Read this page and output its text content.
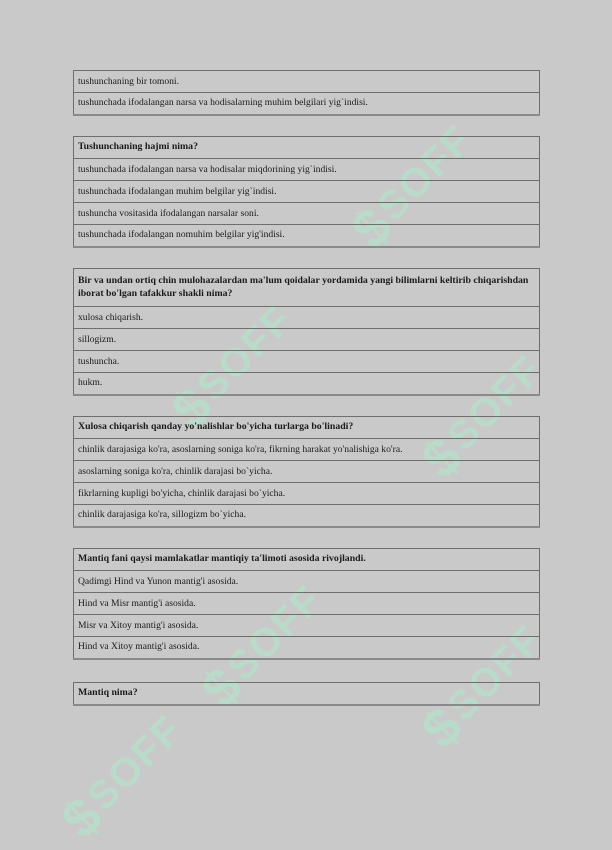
$SOFF
$SOFF
$SOFF
$SOFF
$SOFF
$SOFF
tushunchaning bir tomoni.
tushunchada ifodalangan narsa va hodisalarning muhim belgilari yig`indisi.
Tushunchaning hajmi nima?
tushunchada ifodalangan narsa va hodisalar miqdorining yig`indisi.
tushunchada ifodalangan muhim belgilar yig`indisi.
tushuncha vositasida ifodalangan narsalar soni.
tushunchada ifodalangan nomuhim belgilar yig'indisi.
Bir va undan ortiq chin mulohazalardan ma'lum qoidalar yordamida yangi bilimlarni keltirib chiqarishdan iborat bo'lgan tafakkur shakli nima?
xulosa chiqarish.
sillogizm.
tushuncha.
hukm.
Xulosa chiqarish qanday yo'nalishlar bo'yicha turlarga bo'linadi?
chinlik darajasiga ko'ra, asoslarning soniga ko'ra, fikrning harakat yo'nalishiga ko'ra.
asoslarning soniga ko'ra, chinlik darajasi bo`yicha.
fikrlarning kupligi bo'yicha, chinlik darajasi bo`yicha.
chinlik darajasiga ko'ra, sillogizm bo`yicha.
Mantiq fani qaysi mamlakatlar mantiqiy ta'limoti asosida rivojlandi.
Qadimgi Hind va Yunon mantig'i asosida.
Hind va Misr mantig'i asosida.
Misr va Xitoy mantig'i asosida.
Hind va Xitoy mantig'i asosida.
Mantiq nima?
